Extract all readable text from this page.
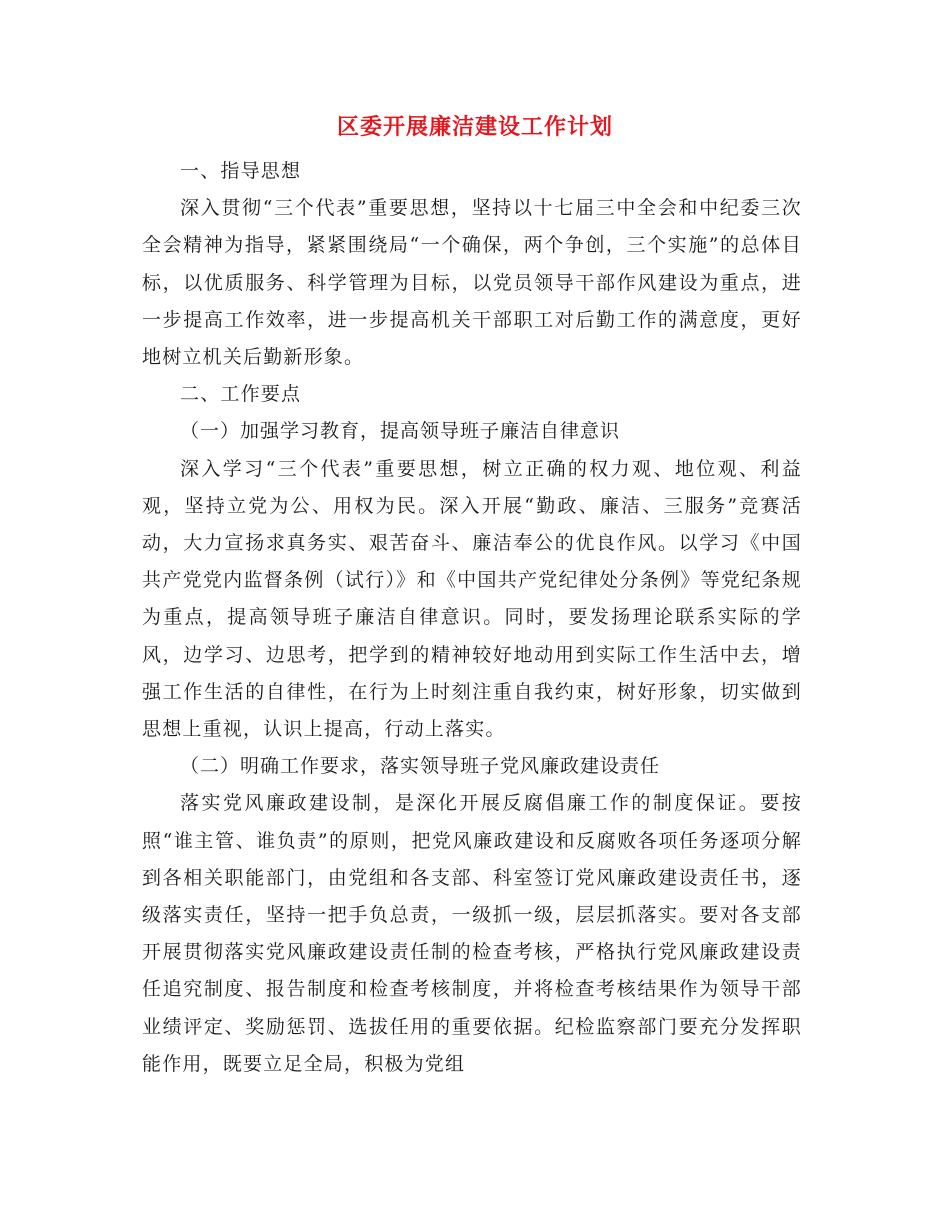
区委开展廉洁建设工作计划

一、指导思想

深入贯彻“三个代表”重要思想，坚持以十七届三中全会和中纪委三次全会精神为指导，紧紧围绕局“一个确保，两个争创，三个实施”的总体目标，以优质服务、科学管理为目标，以党员领导干部作风建设为重点，进一步提高工作效率，进一步提高机关干部职工对后勤工作的满意度，更好地树立机关后勤新形象。

二、工作要点

（一）加强学习教育，提高领导班子廉洁自律意识

深入学习“三个代表”重要思想，树立正确的权力观、地位观、利益观，坚持立党为公、用权为民。深入开展“勤政、廉洁、三服务”竞赛活动，大力宣扬求真务实、艰苦奋斗、廉洁奉公的优良作风。以学习《中国共产党党内监督条例（试行）》和《中国共产党纪律处分条例》等党纪条规为重点，提高领导班子廉洁自律意识。同时，要发扬理论联系实际的学风，边学习、边思考，把学到的精神较好地动用到实际工作生活中去，增强工作生活的自律性，在行为上时刻注重自我约束，树好形象，切实做到思想上重视，认识上提高，行动上落实。

（二）明确工作要求，落实领导班子党风廉政建设责任

落实党风廉政建设制，是深化开展反腐倡廉工作的制度保证。要按照“谁主管、谁负责”的原则，把党风廉政建设和反腐败各项任务逐项分解到各相关职能部门，由党组和各支部、科室签订党风廉政建设责任书，逐级落实责任，坚持一把手负总责，一级抓一级，层层抓落实。要对各支部开展贯彻落实党风廉政建设责任制的检查考核，严格执行党风廉政建设责任追究制度、报告制度和检查考核制度，并将检查考核结果作为领导干部业绩评定、奖励惩罚、选拔任用的重要依据。纪检监察部门要充分发挥职能作用，既要立足全局，积极为党组
